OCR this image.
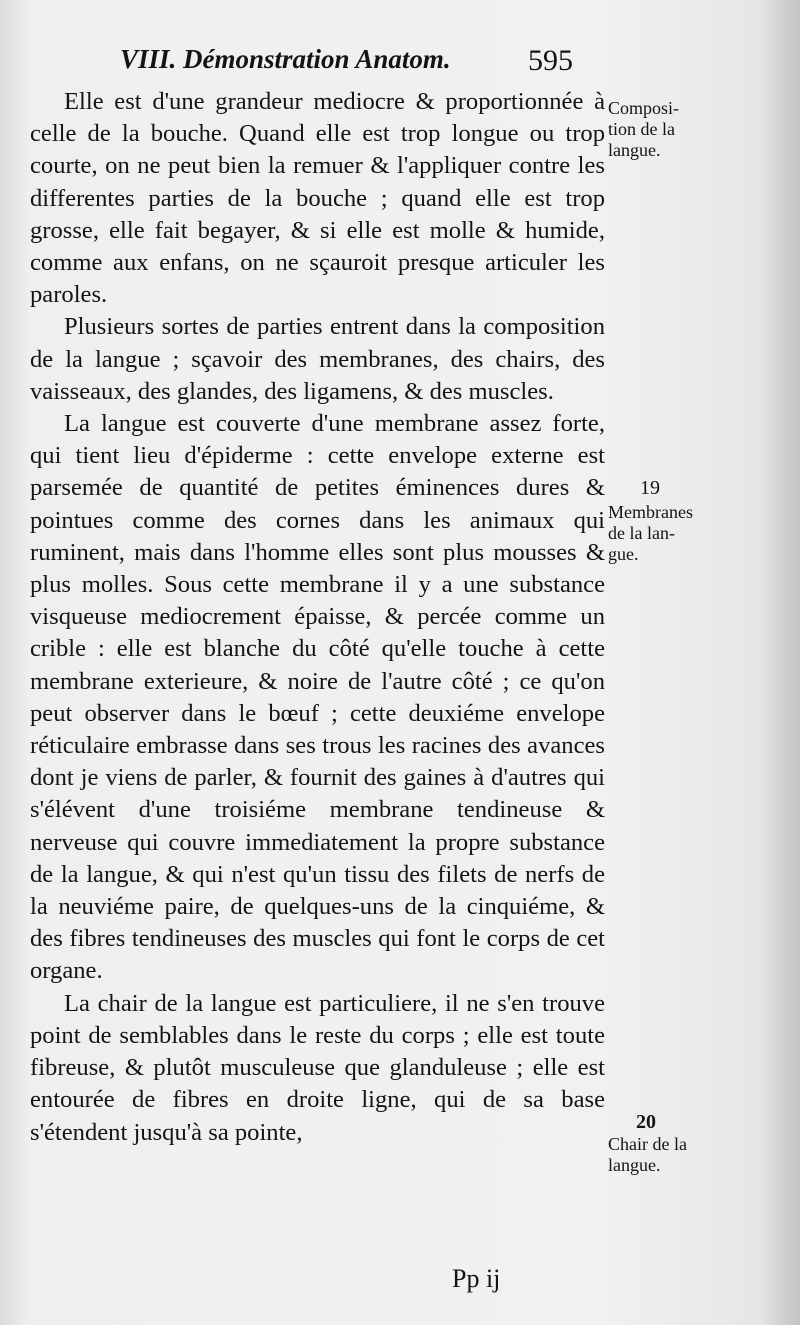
VIII. Démonstration Anatom.	595

Elle est d'une grandeur mediocre & proportionnée à celle de la bouche. Quand elle est trop longue ou trop courte, on ne peut bien la remuer & l'appliquer contre les differentes parties de la bouche ; quand elle est trop grosse, elle fait begayer, & si elle est molle & humide, comme aux enfans, on ne sçauroit presque articuler les paroles.

Plusieurs sortes de parties entrent dans la composition de la langue ; sçavoir des membranes, des chairs, des vaisseaux, des glandes, des ligamens, & des muscles.

La langue est couverte d'une membrane assez forte, qui tient lieu d'épiderme : cette envelope externe est parsemée de quantité de petites éminences dures & pointues comme des cornes dans les animaux qui ruminent, mais dans l'homme elles sont plus mousses & plus molles. Sous cette membrane il y a une substance visqueuse mediocrement épaisse, & percée comme un crible : elle est blanche du côté qu'elle touche à cette membrane exterieure, & noire de l'autre côté ; ce qu'on peut observer dans le bœuf ; cette deuxiéme envelope réticulaire embrasse dans ses trous les racines des avances dont je viens de parler, & fournit des gaines à d'autres qui s'élévent d'une troisiéme membrane tendineuse & nerveuse qui couvre immediatement la propre substance de la langue, & qui n'est qu'un tissu des filets de nerfs de la neuviéme paire, de quelques-uns de la cinquiéme, & des fibres tendineuses des muscles qui font le corps de cet organe.

La chair de la langue est particuliere, il ne s'en trouve point de semblables dans le reste du corps ; elle est toute fibreuse, & plutôt musculeuse que glanduleuse ; elle est entourée de fibres en droite ligne, qui de sa base s'étendent jusqu'à sa pointe,

Composi-
tion de la
langue.
19
Membranes
de la lan-
gue.
20
Chair de la
langue.
Pp ij
